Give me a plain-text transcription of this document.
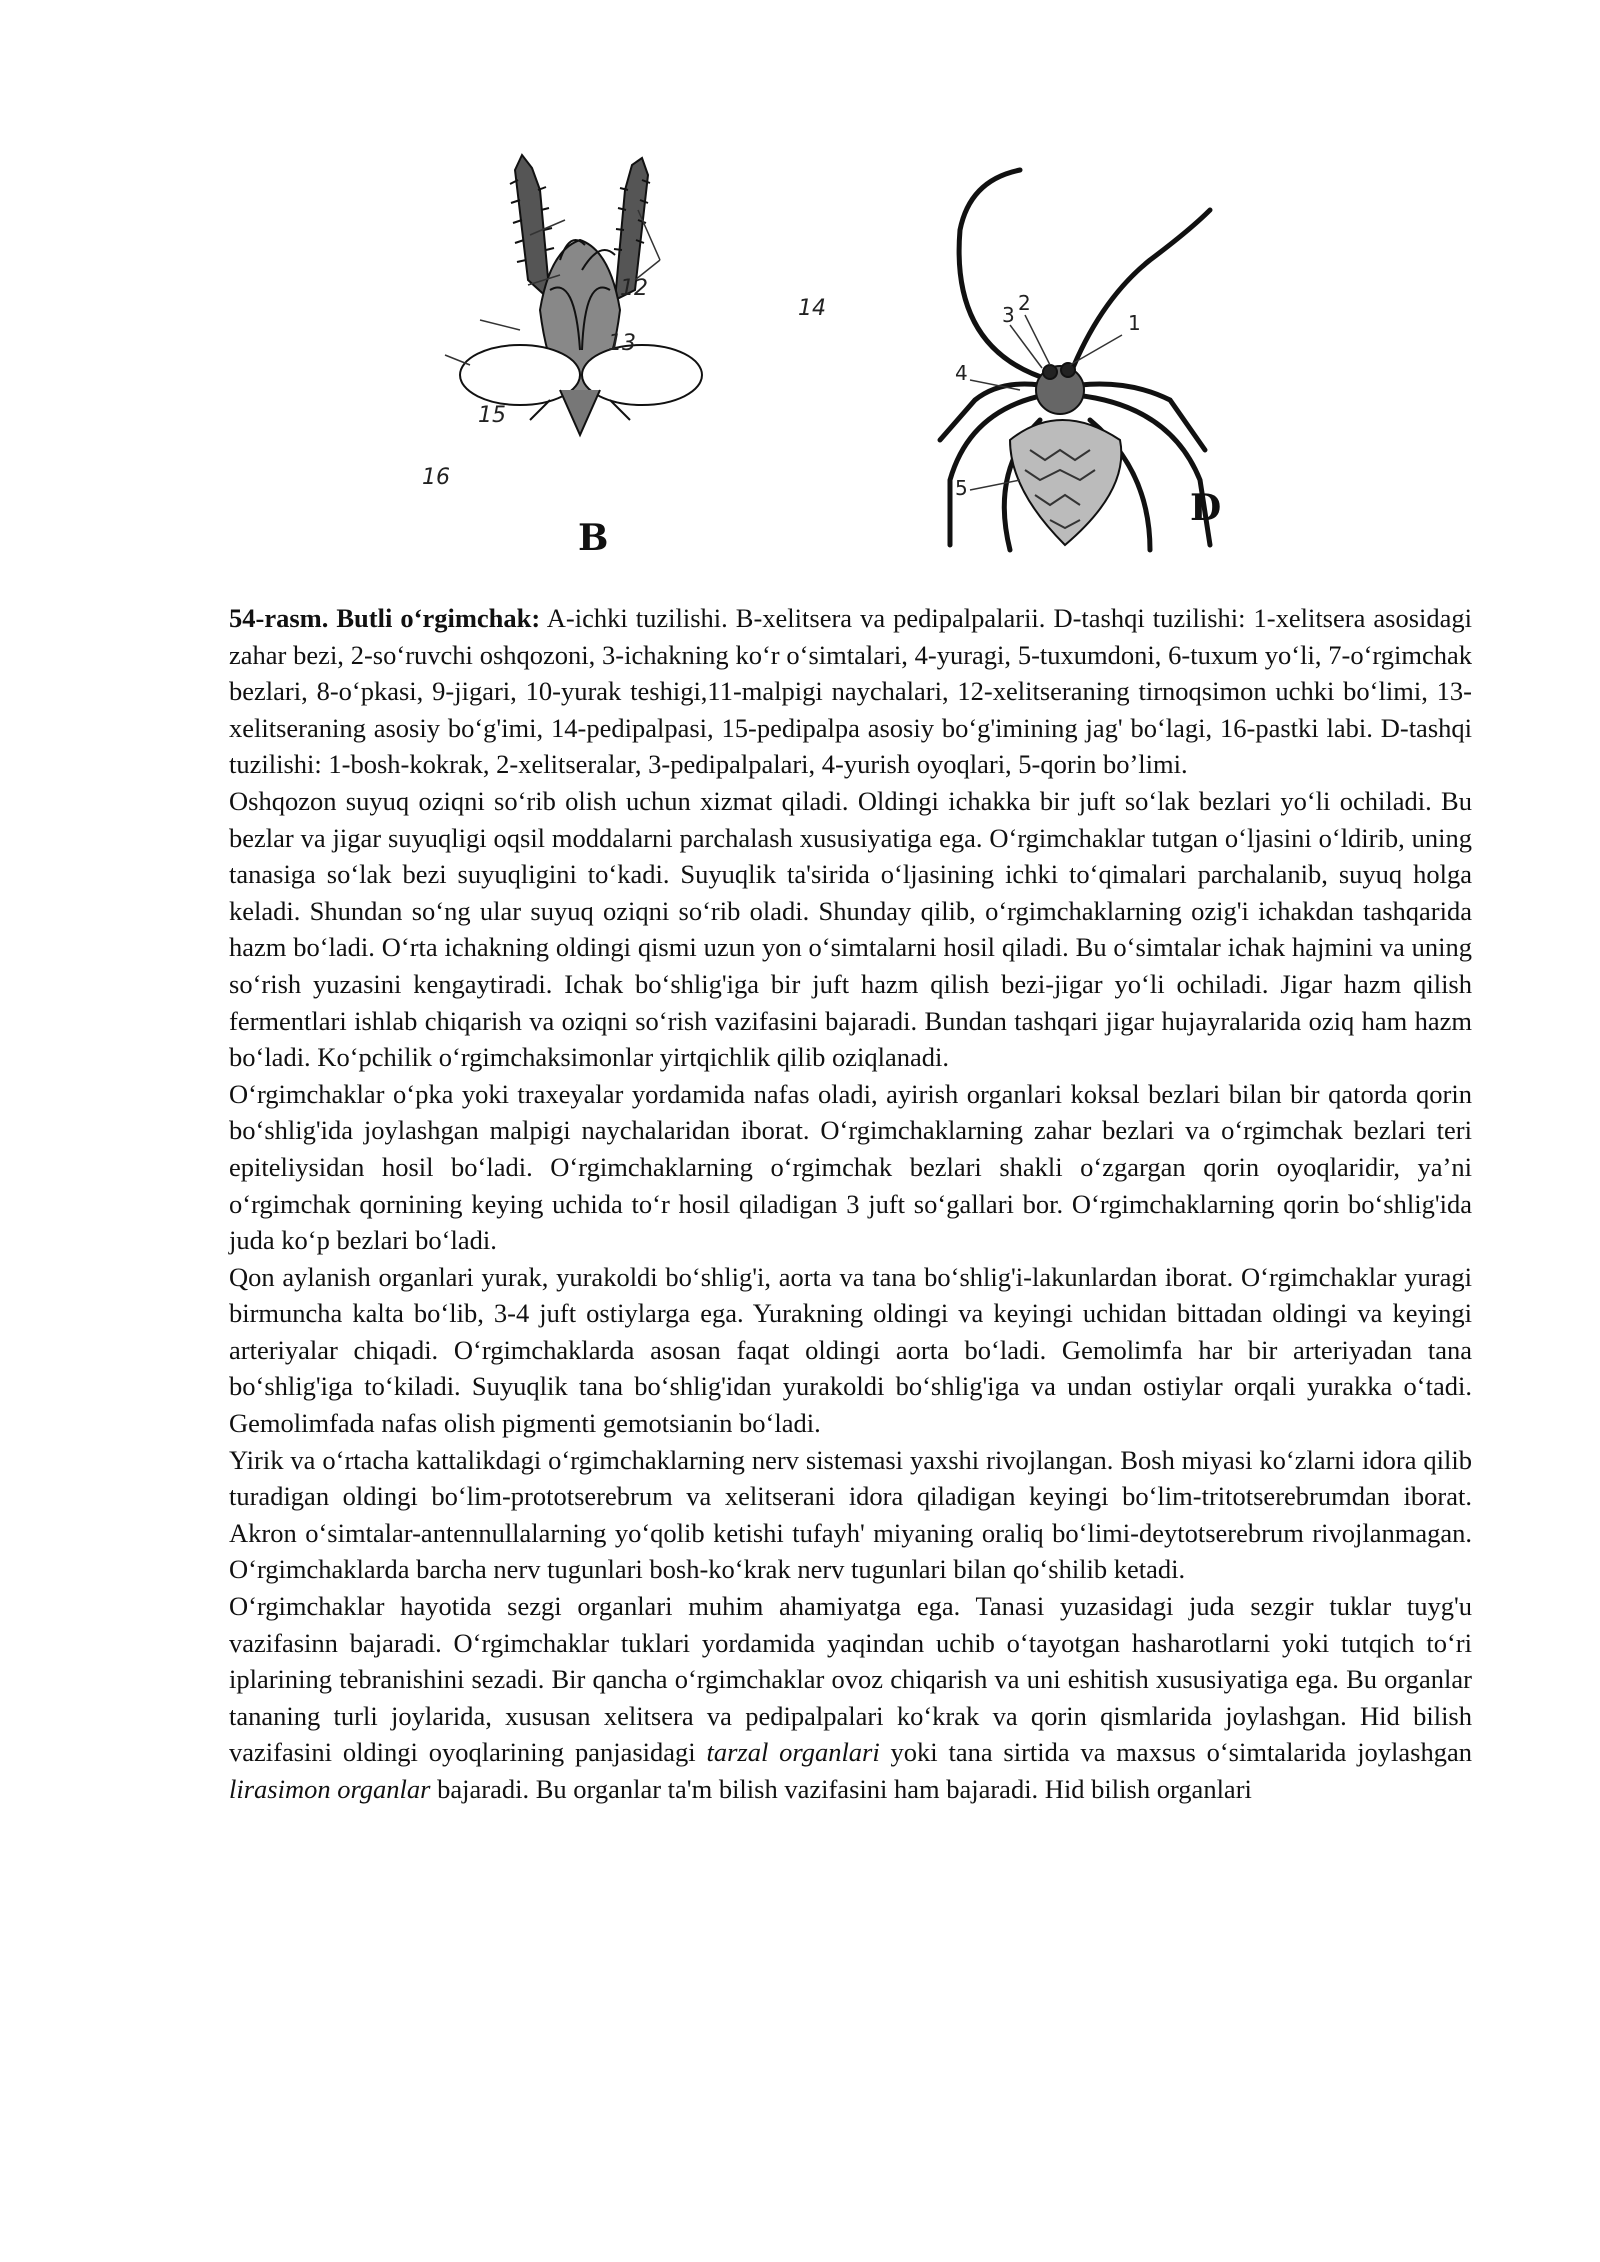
12
13
14
15
16
B
1
2
3
4
5	D

54-rasm. Butli o‘rgimchak: A-ichki tuzilishi. B-xelitsera va pedipalpalarii. D-tashqi tuzilishi: 1-xelitsera asosidagi zahar bezi, 2-so‘ruvchi oshqozoni, 3-ichakning ko‘r o‘simtalari, 4-yuragi, 5-tuxumdoni, 6-tuxum yo‘li, 7-o‘rgimchak bezlari, 8-o‘pkasi, 9-jigari, 10-yurak teshigi,11-malpigi naychalari, 12-xelitseraning tirnoqsimon uchki bo‘limi, 13-xelitseraning asosiy bo‘g'imi, 14-pedipalpasi, 15-pedipalpa asosiy bo‘g'imining jag' bo‘lagi, 16-pastki labi. D-tashqi tuzilishi: 1-bosh-kokrak, 2-xelitseralar, 3-pedipalpalari, 4-yurish oyoqlari, 5-qorin bo’limi.

Oshqozon suyuq oziqni so‘rib olish uchun xizmat qiladi. Oldingi ichakka bir juft so‘lak bezlari yo‘li ochiladi. Bu bezlar va jigar suyuqligi oqsil moddalarni parchalash xususiyatiga ega. O‘rgimchaklar tutgan o‘ljasini o‘ldirib, uning tanasiga so‘lak bezi suyuqligini to‘kadi. Suyuqlik ta'sirida o‘ljasining ichki to‘qimalari parchalanib, suyuq holga keladi. Shundan so‘ng ular suyuq oziqni so‘rib oladi. Shunday qilib, o‘rgimchaklarning ozig'i ichakdan tashqarida hazm bo‘ladi. O‘rta ichakning oldingi qismi uzun yon o‘simtalarni hosil qiladi. Bu o‘simtalar ichak hajmini va uning so‘rish yuzasini kengaytiradi. Ichak bo‘shlig'iga bir juft hazm qilish bezi-jigar yo‘li ochiladi. Jigar hazm qilish fermentlari ishlab chiqarish va oziqni so‘rish vazifasini bajaradi. Bundan tashqari jigar hujayralarida oziq ham hazm bo‘ladi. Ko‘pchilik o‘rgimchaksimonlar yirtqichlik qilib oziqlanadi.

O‘rgimchaklar o‘pka yoki traxeyalar yordamida nafas oladi, ayirish organlari koksal bezlari bilan bir qatorda qorin bo‘shlig'ida joylashgan malpigi naychalaridan iborat. O‘rgimchaklarning zahar bezlari va o‘rgimchak bezlari teri epiteliysidan hosil bo‘ladi. O‘rgimchaklarning o‘rgimchak bezlari shakli o‘zgargan qorin oyoqlaridir, ya’ni o‘rgimchak qornining keying uchida to‘r hosil qiladigan 3 juft so‘gallari bor. O‘rgimchaklarning qorin bo‘shlig'ida juda ko‘p bezlari bo‘ladi.

Qon aylanish organlari yurak, yurakoldi bo‘shlig'i, aorta va tana bo‘shlig'i-lakunlardan iborat. O‘rgimchaklar yuragi birmuncha kalta bo‘lib, 3-4 juft ostiylarga ega. Yurakning oldingi va keyingi uchidan bittadan oldingi va keyingi arteriyalar chiqadi. O‘rgimchaklarda asosan faqat oldingi aorta bo‘ladi. Gemolimfa har bir arteriyadan tana bo‘shlig'iga to‘kiladi. Suyuqlik tana bo‘shlig'idan yurakoldi bo‘shlig'iga va undan ostiylar orqali yurakka o‘tadi. Gemolimfada nafas olish pigmenti gemotsianin bo‘ladi.

Yirik va o‘rtacha kattalikdagi o‘rgimchaklarning nerv sistemasi yaxshi rivojlangan. Bosh miyasi ko‘zlarni idora qilib turadigan oldingi bo‘lim-prototserebrum va xelitserani idora qiladigan keyingi bo‘lim-tritotserebrumdan iborat. Akron o‘simtalar-antennullalarning yo‘qolib ketishi tufayh' miyaning oraliq bo‘limi-deytotserebrum rivojlanmagan. O‘rgimchaklarda barcha nerv tugunlari bosh-ko‘krak nerv tugunlari bilan qo‘shilib ketadi.

O‘rgimchaklar hayotida sezgi organlari muhim ahamiyatga ega. Tanasi yuzasidagi juda sezgir tuklar tuyg'u vazifasinn bajaradi. O‘rgimchaklar tuklari yordamida yaqindan uchib o‘tayotgan hasharotlarni yoki tutqich to‘ri iplarining tebranishini sezadi. Bir qancha o‘rgimchaklar ovoz chiqarish va uni eshitish xususiyatiga ega. Bu organlar tananing turli joylarida, xususan xelitsera va pedipalpalari ko‘krak va qorin qismlarida joylashgan. Hid bilish vazifasini oldingi oyoqlarining panjasidagi tarzal organlari yoki tana sirtida va maxsus o‘simtalarida joylashgan lirasimon organlar bajaradi. Bu organlar ta'm bilish vazifasini ham bajaradi. Hid bilish organlari
